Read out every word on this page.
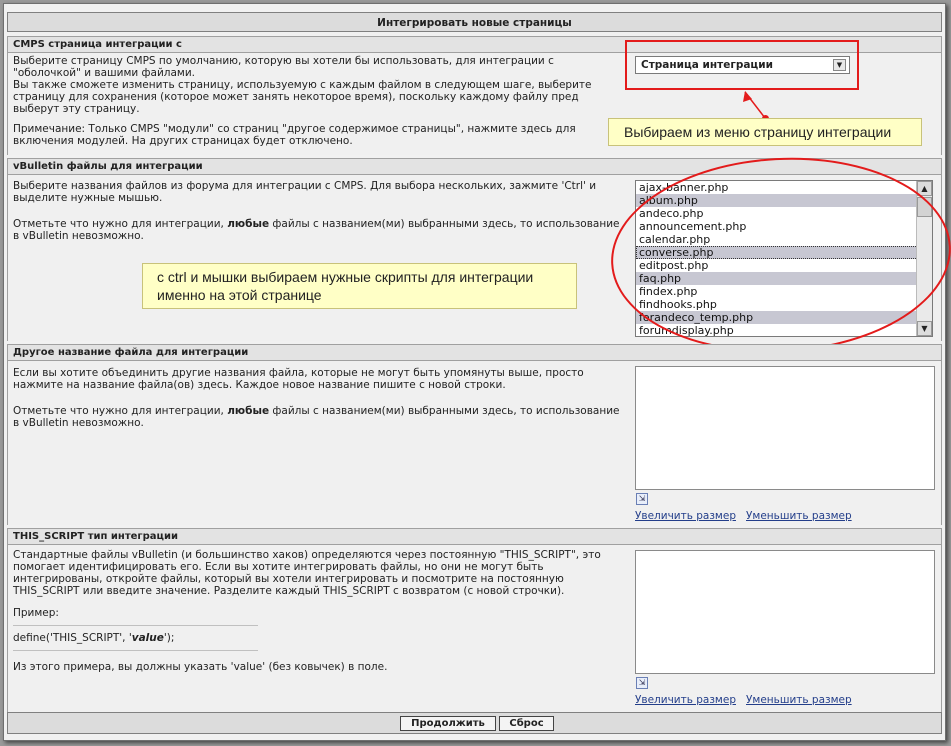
Интегрировать новые страницы
CMPS страница интеграции с

Выберите страницу CMPS по умолчанию, которую вы хотели бы использовать, для интеграции с "оболочкой" и вашими файлами.

Вы также сможете изменить страницу, используемую с каждым файлом в следующем шаге, выберите страницу для сохранения (которое может занять некоторое время), поскольку каждому файлу пред выберут эту страницу.

Примечание: Только CMPS "модули" со страниц "другое содержимое страницы", нажмите здесь для включения модулей. На других страницах будет отключено.

Страница интеграции	▼
Выбираем из меню страницу интеграции
vBulletin файлы для интеграции

Выберите названия файлов из форума для интеграции с CMPS. Для выбора нескольких, зажмите 'Ctrl' и выделите нужные мышью.

Отметьте что нужно для интеграции, любые файлы с названием(ми) выбранными здесь, то использование в vBulletin невозможно.

ajax-banner.php
album.php
andeco.php
announcement.php
calendar.php
converse.php
editpost.php
faq.php
findex.php
findhooks.php
forandeco_temp.php
forumdisplay.php
▲
▼
с ctrl и мышки выбираем нужные скрипты для интеграции
именно на этой странице
Другое название файла для интеграции

Если вы хотите объединить другие названия файла, которые не могут быть упомянуты выше, просто нажмите на название файла(ов) здесь. Каждое новое название пишите с новой строки.

Отметьте что нужно для интеграции, любые файлы с названием(ми) выбранными здесь, то использование в vBulletin невозможно.

⇲
Увеличить размер Уменьшить размер
THIS_SCRIPT тип интеграции

Стандартные файлы vBulletin (и большинство хаков) определяются через постоянную "THIS_SCRIPT", это помогает идентифицировать его. Если вы хотите интегрировать файлы, но они не могут быть интегрированы, откройте файлы, который вы хотели интегрировать и посмотрите на постоянную THIS_SCRIPT или введите значение. Разделите каждый THIS_SCRIPT с возвратом (с новой строчки).

Пример:

define('THIS_SCRIPT', 'value');

Из этого примера, вы должны указать 'value' (без ковычек) в поле.

⇲
Увеличить размер Уменьшить размер
Продолжить	Сброс
